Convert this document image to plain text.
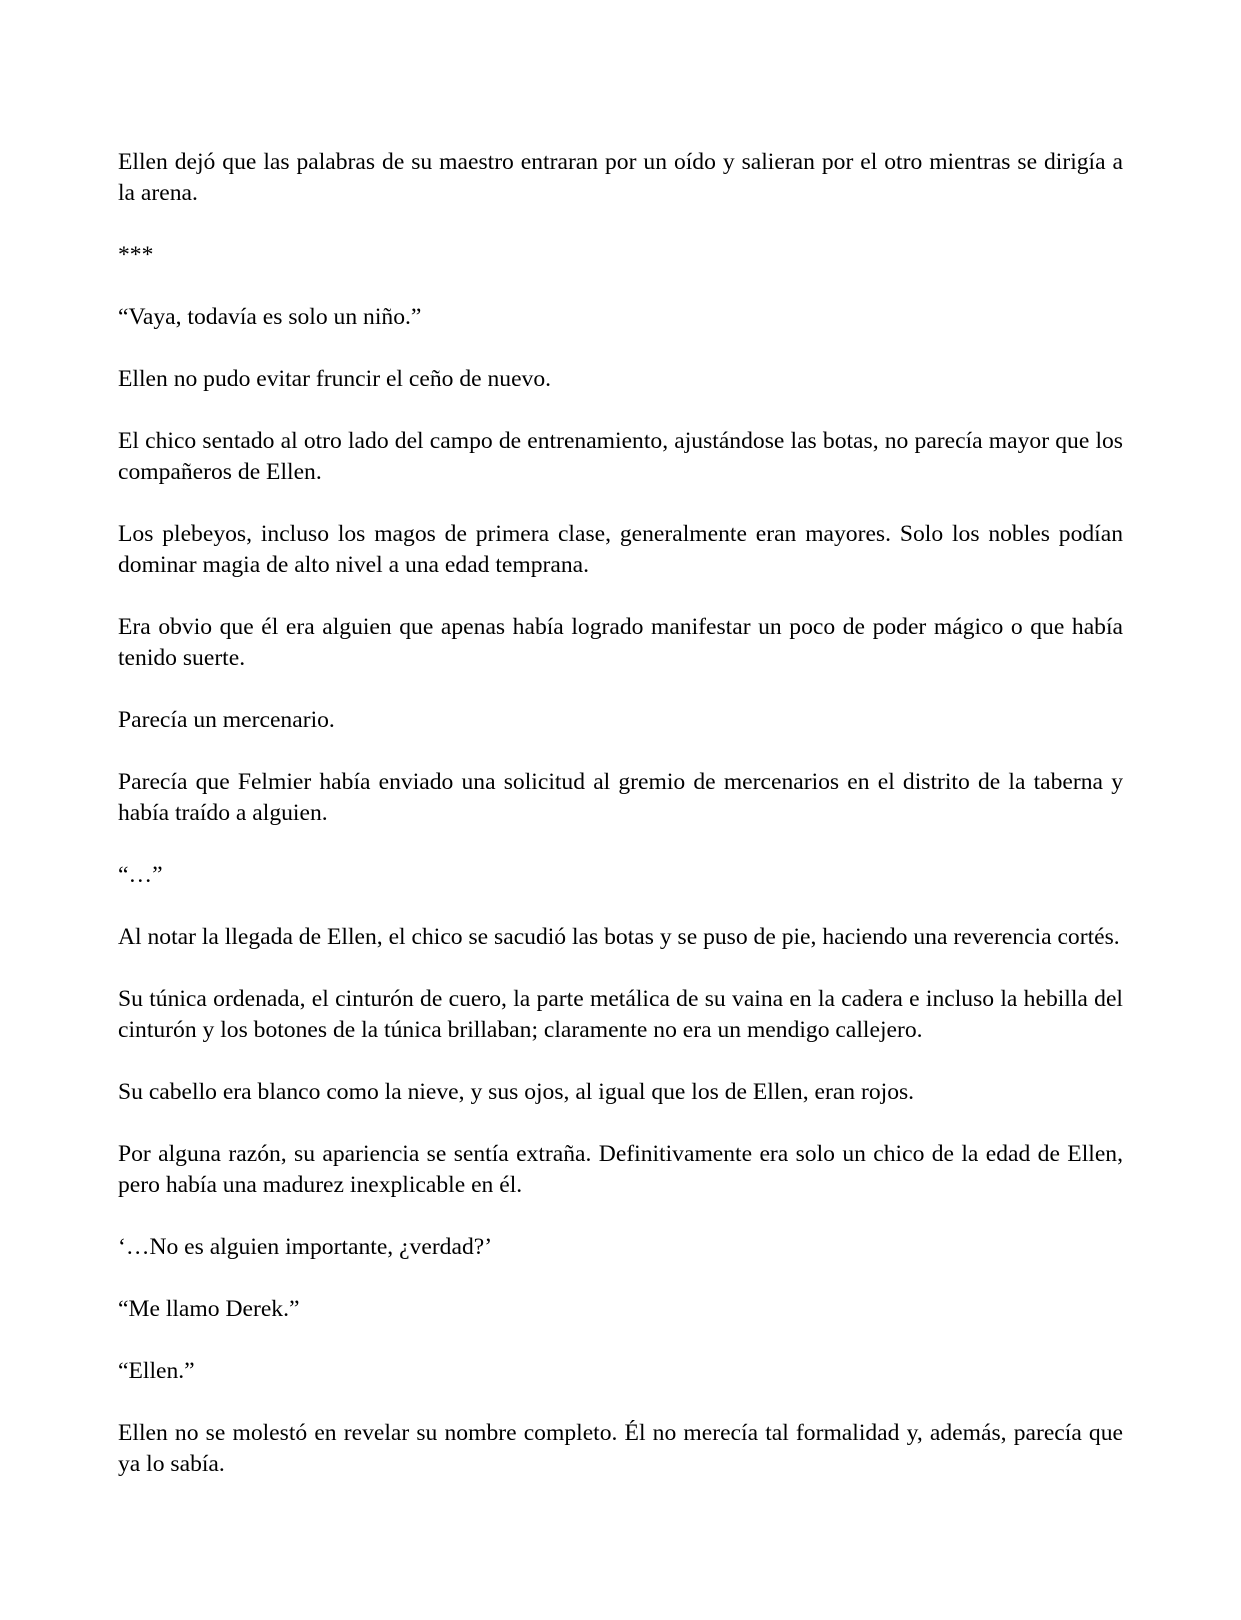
Ellen dejó que las palabras de su maestro entraran por un oído y salieran por el otro mientras se dirigía a la arena.

***

“Vaya, todavía es solo un niño.”

Ellen no pudo evitar fruncir el ceño de nuevo.

El chico sentado al otro lado del campo de entrenamiento, ajustándose las botas, no parecía mayor que los compañeros de Ellen.

Los plebeyos, incluso los magos de primera clase, generalmente eran mayores. Solo los nobles podían dominar magia de alto nivel a una edad temprana.

Era obvio que él era alguien que apenas había logrado manifestar un poco de poder mágico o que había tenido suerte.

Parecía un mercenario.

Parecía que Felmier había enviado una solicitud al gremio de mercenarios en el distrito de la taberna y había traído a alguien.

“…”

Al notar la llegada de Ellen, el chico se sacudió las botas y se puso de pie, haciendo una reverencia cortés.

Su túnica ordenada, el cinturón de cuero, la parte metálica de su vaina en la cadera e incluso la hebilla del cinturón y los botones de la túnica brillaban; claramente no era un mendigo callejero.

Su cabello era blanco como la nieve, y sus ojos, al igual que los de Ellen, eran rojos.

Por alguna razón, su apariencia se sentía extraña. Definitivamente era solo un chico de la edad de Ellen, pero había una madurez inexplicable en él.

‘…No es alguien importante, ¿verdad?’

“Me llamo Derek.”

“Ellen.”

Ellen no se molestó en revelar su nombre completo. Él no merecía tal formalidad y, además, parecía que ya lo sabía.
